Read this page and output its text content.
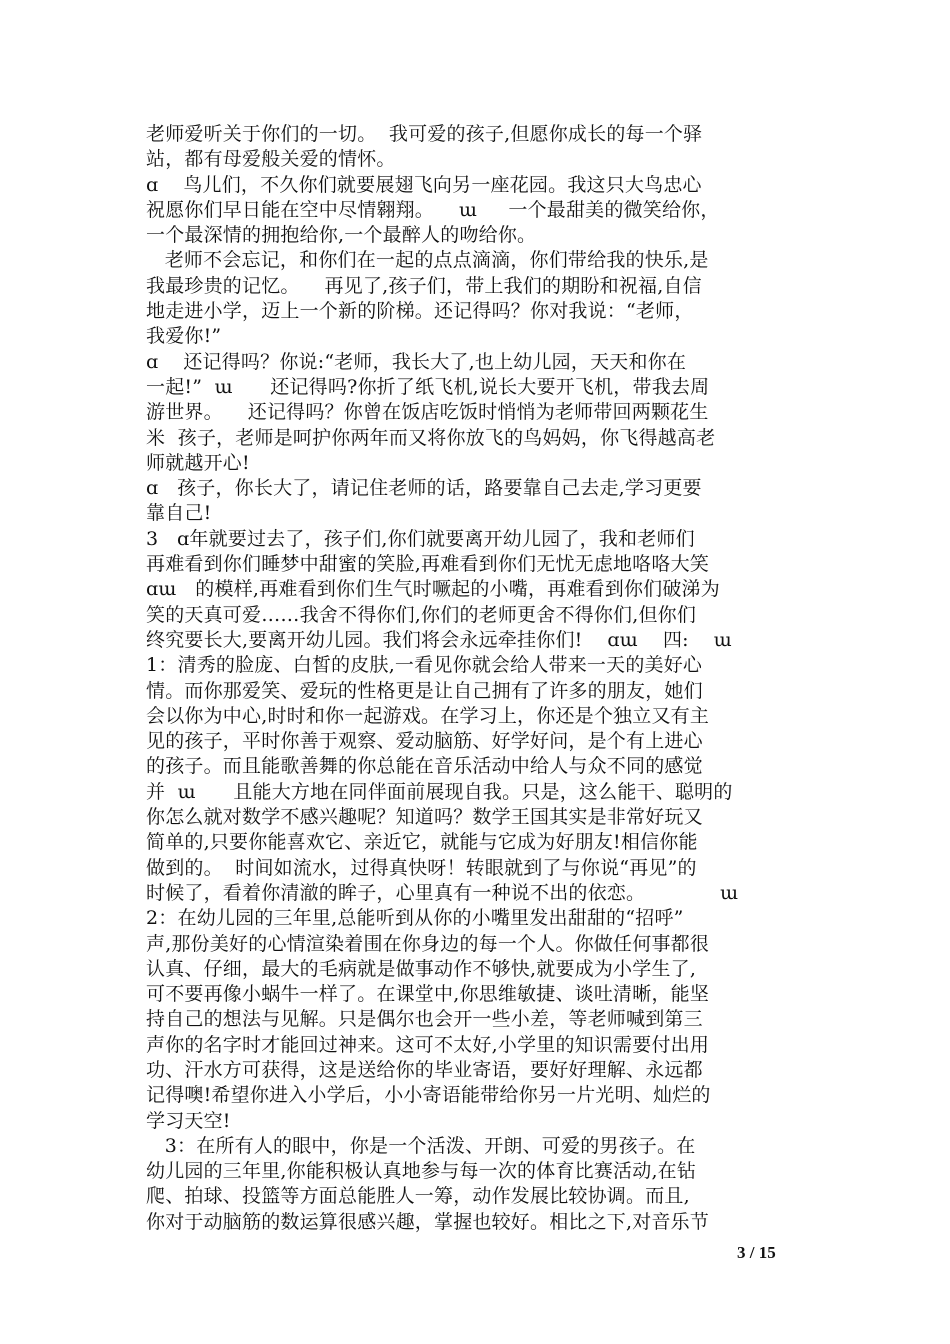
老师爱听关于你们的一切。  我可爱的孩子,但愿你成长的每一个驿
站，都有母爱般关爱的情怀。
ɑ    鸟儿们，不久你们就要展翅飞向另一座花园。我这只大鸟忠心
祝愿你们早日能在空中尽情翱翔。    ɯ     一个最甜美的微笑给你，
一个最深情的拥抱给你,一个最醉人的吻给你。
老师不会忘记，和你们在一起的点点滴滴，你们带给我的快乐,是
我最珍贵的记忆。    再见了,孩子们，带上我们的期盼和祝福,自信
地走进小学，迈上一个新的阶梯。还记得吗？你对我说：“老师，
我爱你!”
ɑ    还记得吗？你说:“老师，我长大了,也上幼儿园，天天和你在
一起!”  ɯ      还记得吗?你折了纸飞机,说长大要开飞机，带我去周
游世界。    还记得吗？你曾在饭店吃饭时悄悄为老师带回两颗花生
米  孩子，老师是呵护你两年而又将你放飞的鸟妈妈，你飞得越高老
师就越开心!
ɑ   孩子，你长大了，请记住老师的话，路要靠自己去走,学习更要
靠自己!
3   ɑ年就要过去了，孩子们,你们就要离开幼儿园了，我和老师们
再难看到你们睡梦中甜蜜的笑脸,再难看到你们无忧无虑地咯咯大笑
ɑɯ   的模样,再难看到你们生气时噘起的小嘴，再难看到你们破涕为
笑的天真可爱……我舍不得你们,你们的老师更舍不得你们,但你们
终究要长大,要离开幼儿园。我们将会永远牵挂你们!    ɑɯ    四:    ɯ
1：清秀的脸庞、白皙的皮肤,一看见你就会给人带来一天的美好心
情。而你那爱笑、爱玩的性格更是让自己拥有了许多的朋友，她们
会以你为中心,时时和你一起游戏。在学习上，你还是个独立又有主
见的孩子，平时你善于观察、爱动脑筋、好学好问，是个有上进心
的孩子。而且能歌善舞的你总能在音乐活动中给人与众不同的感觉
并  ɯ      且能大方地在同伴面前展现自我。只是，这么能干、聪明的
你怎么就对数学不感兴趣呢？知道吗？数学王国其实是非常好玩又
简单的,只要你能喜欢它、亲近它，就能与它成为好朋友!相信你能
做到的。  时间如流水，过得真快呀！转眼就到了与你说“再见”的
时候了，看着你清澈的眸子，心里真有一种说不出的依恋。            ɯ
2：在幼儿园的三年里,总能听到从你的小嘴里发出甜甜的“招呼”
声,那份美好的心情渲染着围在你身边的每一个人。你做任何事都很
认真、仔细，最大的毛病就是做事动作不够快,就要成为小学生了,
可不要再像小蜗牛一样了。在课堂中,你思维敏捷、谈吐清晰，能坚
持自己的想法与见解。只是偶尔也会开一些小差，等老师喊到第三
声你的名字时才能回过神来。这可不太好,小学里的知识需要付出用
功、汗水方可获得，这是送给你的毕业寄语，要好好理解、永远都
记得噢!希望你进入小学后，小小寄语能带给你另一片光明、灿烂的
学习天空!
3：在所有人的眼中，你是一个活泼、开朗、可爱的男孩子。在
幼儿园的三年里,你能积极认真地参与每一次的体育比赛活动,在钻
爬、拍球、投篮等方面总能胜人一筹，动作发展比较协调。而且,
你对于动脑筋的数运算很感兴趣，掌握也较好。相比之下,对音乐节
3 / 15
